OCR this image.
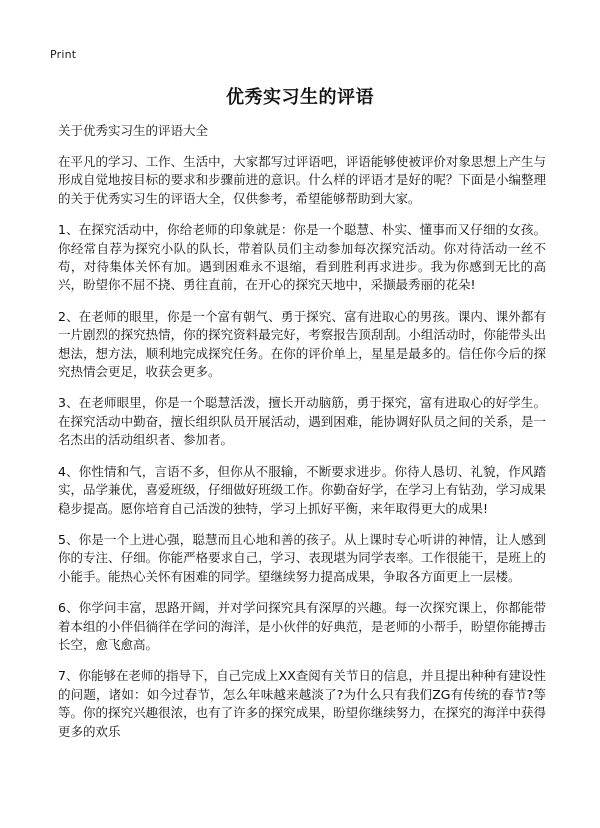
Print
优秀实习生的评语

关于优秀实习生的评语大全

在平凡的学习、工作、生活中，大家都写过评语吧，评语能够使被评价对象思想上产生与形成自觉地按目标的要求和步骤前进的意识。什么样的评语才是好的呢？下面是小编整理的关于优秀实习生的评语大全，仅供参考，希望能够帮助到大家。

1、在探究活动中，你给老师的印象就是：你是一个聪慧、朴实、懂事而又仔细的女孩。你经常自荐为探究小队的队长，带着队员们主动参加每次探究活动。你对待活动一丝不苟，对待集体关怀有加。遇到困难永不退缩，看到胜利再求进步。我为你感到无比的高兴，盼望你不屈不挠、勇往直前，在开心的探究天地中，采撷最秀丽的花朵!

2、在老师的眼里，你是一个富有朝气、勇于探究、富有进取心的男孩。课内、课外都有一片剧烈的探究热情，你的探究资料最完好，考察报告顶刮刮。小组活动时，你能带头出想法，想方法，顺利地完成探究任务。在你的评价单上，星星是最多的。信任你今后的探究热情会更足，收获会更多。

3、在老师眼里，你是一个聪慧活泼，擅长开动脑筋，勇于探究，富有进取心的好学生。在探究活动中勤奋，擅长组织队员开展活动，遇到困难，能协调好队员之间的关系，是一名杰出的活动组织者、参加者。

4、你性情和气，言语不多，但你从不服输，不断要求进步。你待人恳切、礼貌，作风踏实，品学兼优，喜爱班级，仔细做好班级工作。你勤奋好学，在学习上有钻劲，学习成果稳步提高。愿你培育自己活泼的独特，学习上抓好平衡，来年取得更大的成果!

5、你是一个上进心强，聪慧而且心地和善的孩子。从上课时专心听讲的神情，让人感到你的专注、仔细。你能严格要求自己，学习、表现堪为同学表率。工作很能干，是班上的小能手。能热心关怀有困难的同学。望继续努力提高成果，争取各方面更上一层楼。

6、你学问丰富，思路开阔，并对学问探究具有深厚的兴趣。每一次探究课上，你都能带着本组的小伴侣徜徉在学问的海洋，是小伙伴的好典范，是老师的小帮手，盼望你能搏击长空，愈飞愈高。

7、你能够在老师的指导下，自己完成上XX查阅有关节日的信息，并且提出种种有建设性的问题，诸如：如今过春节，怎么年味越来越淡了?为什么只有我们ZG有传统的春节?等等。你的探究兴趣很浓，也有了许多的探究成果，盼望你继续努力，在探究的海洋中获得更多的欢乐
